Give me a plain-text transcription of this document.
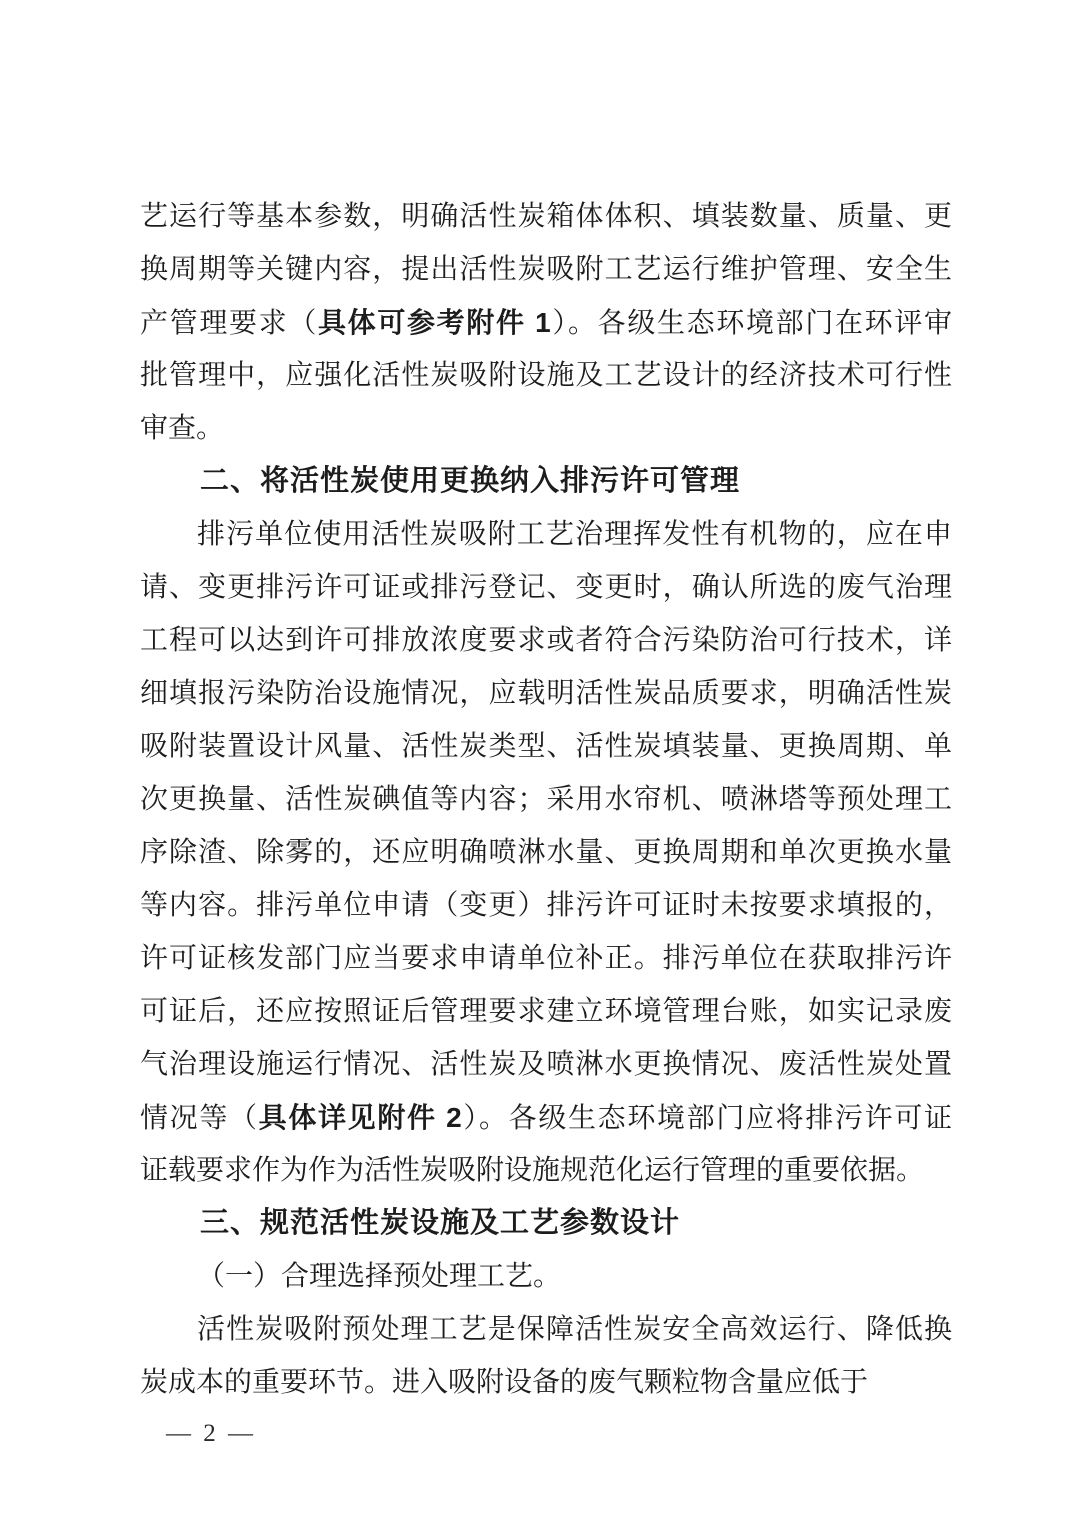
艺运行等基本参数，明确活性炭箱体体积、填装数量、质量、更
换周期等关键内容，提出活性炭吸附工艺运行维护管理、安全生
产管理要求（具体可参考附件 1）。各级生态环境部门在环评审
批管理中，应强化活性炭吸附设施及工艺设计的经济技术可行性
审查。
二、将活性炭使用更换纳入排污许可管理
排污单位使用活性炭吸附工艺治理挥发性有机物的，应在申
请、变更排污许可证或排污登记、变更时，确认所选的废气治理
工程可以达到许可排放浓度要求或者符合污染防治可行技术，详
细填报污染防治设施情况，应载明活性炭品质要求，明确活性炭
吸附装置设计风量、活性炭类型、活性炭填装量、更换周期、单
次更换量、活性炭碘值等内容；采用水帘机、喷淋塔等预处理工
序除渣、除雾的，还应明确喷淋水量、更换周期和单次更换水量
等内容。排污单位申请（变更）排污许可证时未按要求填报的，
许可证核发部门应当要求申请单位补正。排污单位在获取排污许
可证后，还应按照证后管理要求建立环境管理台账，如实记录废
气治理设施运行情况、活性炭及喷淋水更换情况、废活性炭处置
情况等（具体详见附件 2）。各级生态环境部门应将排污许可证
证载要求作为作为活性炭吸附设施规范化运行管理的重要依据。
三、规范活性炭设施及工艺参数设计
（一）合理选择预处理工艺。
活性炭吸附预处理工艺是保障活性炭安全高效运行、降低换
炭成本的重要环节。进入吸附设备的废气颗粒物含量应低于
— 2 —
